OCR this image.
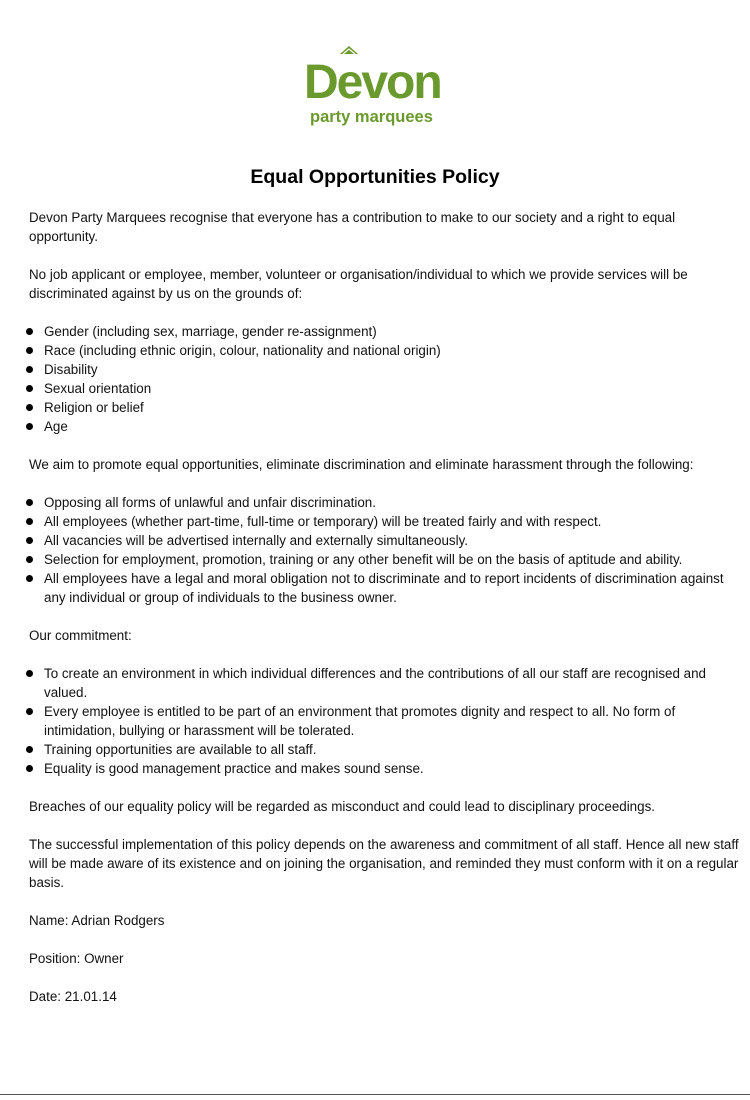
Devon
party marquees
Equal Opportunities Policy

Devon Party Marquees recognise that everyone has a contribution to make to our society and a right to equal opportunity.

No job applicant or employee, member, volunteer or organisation/individual to which we provide services will be discriminated against by us on the grounds of:

Gender (including sex, marriage, gender re-assignment)
Race (including ethnic origin, colour, nationality and national origin)
Disability
Sexual orientation
Religion or belief
Age

We aim to promote equal opportunities, eliminate discrimination and eliminate harassment through the following:

Opposing all forms of unlawful and unfair discrimination.
All employees (whether part-time, full-time or temporary) will be treated fairly and with respect.
All vacancies will be advertised internally and externally simultaneously.
Selection for employment, promotion, training or any other benefit will be on the basis of aptitude and ability.
All employees have a legal and moral obligation not to discriminate and to report incidents of discrimination against any individual or group of individuals to the business owner.

Our commitment:

To create an environment in which individual differences and the contributions of all our staff are recognised and valued.
Every employee is entitled to be part of an environment that promotes dignity and respect to all. No form of intimidation, bullying or harassment will be tolerated.
Training opportunities are available to all staff.
Equality is good management practice and makes sound sense.

Breaches of our equality policy will be regarded as misconduct and could lead to disciplinary proceedings.

The successful implementation of this policy depends on the awareness and commitment of all staff. Hence all new staff will be made aware of its existence and on joining the organisation, and reminded they must conform with it on a regular basis.

Name: Adrian Rodgers

Position: Owner

Date: 21.01.14
